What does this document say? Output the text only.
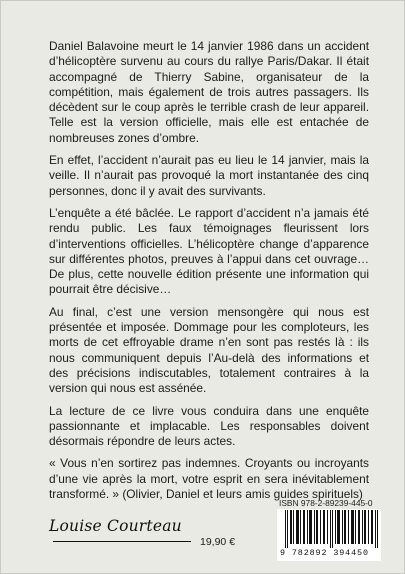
Daniel Balavoine meurt le 14 janvier 1986 dans un accident d’hélicoptère survenu au cours du rallye Paris/Dakar. Il était accompagné de Thierry Sabine, organisateur de la compétition, mais également de trois autres passagers. Ils décèdent sur le coup après le terrible crash de leur appareil. Telle est la version officielle, mais elle est entachée de nombreuses zones d’ombre.

En effet, l’accident n’aurait pas eu lieu le 14 janvier, mais la veille. Il n’aurait pas provoqué la mort instantanée des cinq personnes, donc il y avait des survivants.

L’enquête a été bâclée. Le rapport d’accident n’a jamais été rendu public. Les faux témoignages fleurissent lors d’interventions officielles. L’hélicoptère change d’apparence sur différentes photos, preuves à l’appui dans cet ouvrage… De plus, cette nouvelle édition présente une information qui pourrait être décisive…

Au final, c’est une version mensongère qui nous est présentée et imposée. Dommage pour les comploteurs, les morts de cet effroyable drame n’en sont pas restés là : ils nous communiquent depuis l’Au-delà des informations et des précisions indiscutables, totalement contraires à la version qui nous est assénée.

La lecture de ce livre vous conduira dans une enquête passionnante et implacable. Les responsables doivent désormais répondre de leurs actes.

« Vous n’en sortirez pas indemnes. Croyants ou incroyants d’une vie après la mort, votre esprit en sera inévitablement transformé. » (Olivier, Daniel et leurs amis guides spirituels)

Louise Courteau
19,90 €
ISBN 978-2-89239-445-0
9 782892 394450
